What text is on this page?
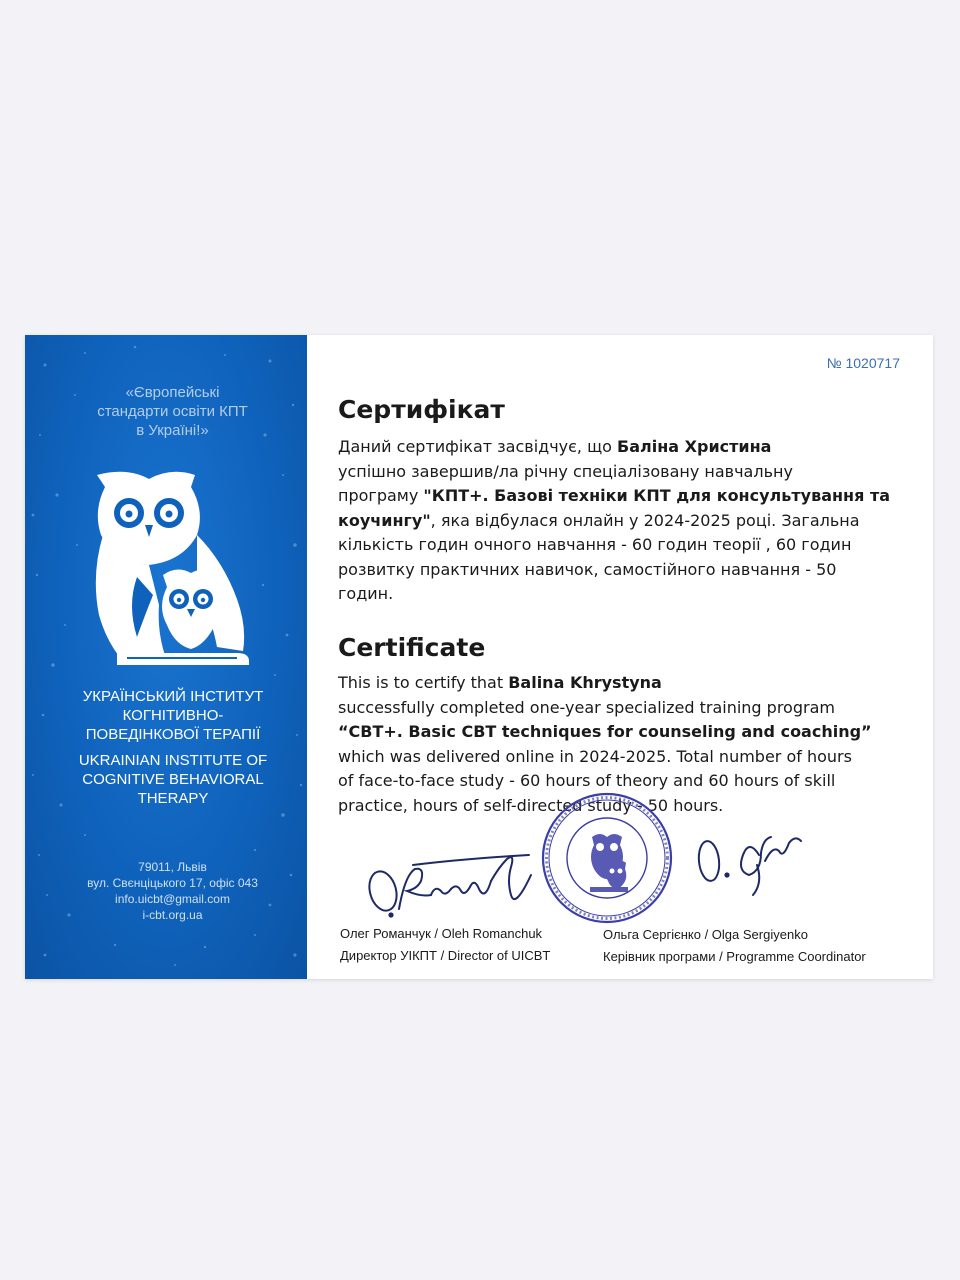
«Європейські
стандарти освіти КПТ
в Україні!»
УКРАЇНСЬКИЙ ІНСТИТУТ
КОГНІТИВНО-
ПОВЕДІНКОВОЇ ТЕРАПІЇ
UKRAINIAN INSTITUTE OF
COGNITIVE BEHAVIORAL
THERAPY
79011, Львів
вул. Свєнціцького 17, офіс 043
info.uicbt@gmail.com
i-cbt.org.ua
№ 1020717
Сертифікат
Даний сертифікат засвідчує, що Баліна Христина
успішно завершив/ла річну спеціалізовану навчальну
програму "КПТ+. Базові техніки КПТ для консультування та
коучингу", яка відбулася онлайн у 2024-2025 році. Загальна
кількість годин очного навчання - 60 годин теорії , 60 годин
розвитку практичних навичок, самостійного навчання - 50
годин.
Certificate
This is to certify that Balina Khrystyna
successfully completed one-year specialized training program
“CBT+. Basic CBT techniques for counseling and coaching”
which was delivered online in 2024-2025. Total number of hours
of face-to-face study - 60 hours of theory and 60 hours of skill
practice, hours of self-directed study - 50 hours.
Олег Романчук / Oleh Romanchuk
Директор УІКПТ / Director of UICBT
Ольга Сергієнко / Olga Sergiyenko
Керівник програми / Programme Coordinator
